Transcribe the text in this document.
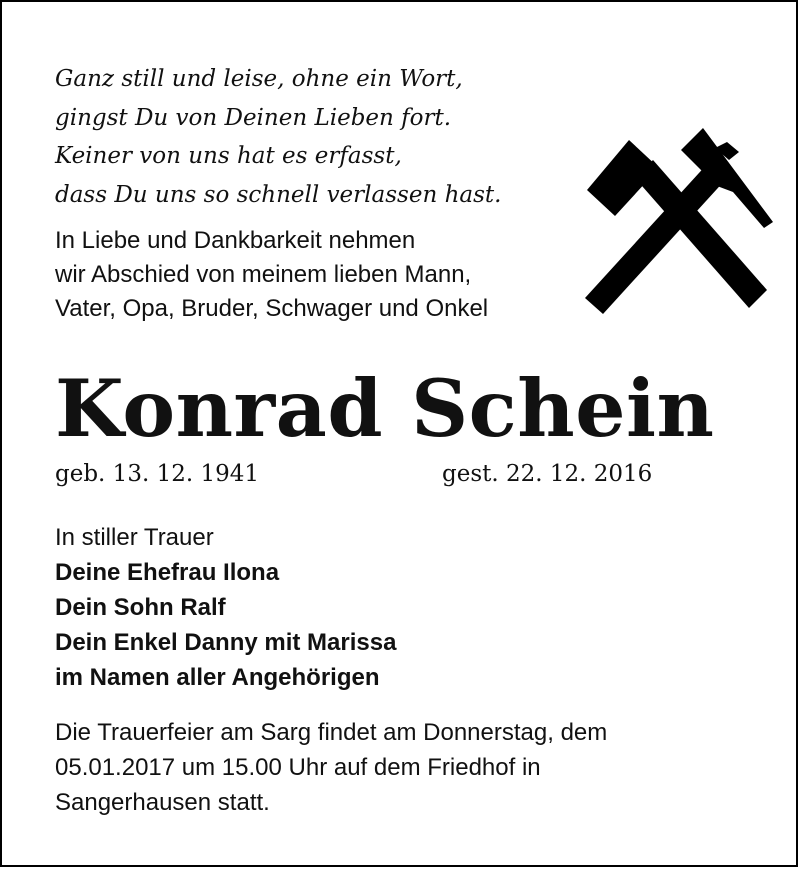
Ganz still und leise, ohne ein Wort,
gingst Du von Deinen Lieben fort.
Keiner von uns hat es erfasst,
dass Du uns so schnell verlassen hast.
In Liebe und Dankbarkeit nehmen
wir Abschied von meinem lieben Mann,
Vater, Opa, Bruder, Schwager und Onkel
Konrad Schein
geb. 13. 12. 1941	gest. 22. 12. 2016
In stiller Trauer
Deine Ehefrau Ilona
Dein Sohn Ralf
Dein Enkel Danny mit Marissa
im Namen aller Angehörigen
Die Trauerfeier am Sarg findet am Donnerstag, dem
05.01.2017 um 15.00 Uhr auf dem Friedhof in
Sangerhausen statt.
